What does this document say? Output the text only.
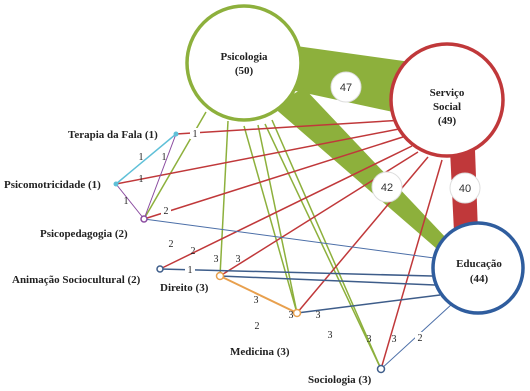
Psicologia
(50)
Serviço
Social
(49)
Educação
(44)
47
42	40
Terapia da Fala (1)
Psicomotricidade (1)
Psicopedagogia (2)
Animação Sociocultural (2)
Direito (3)
Medicina (3)
Sociologia (3)
1
1 1
1
1
2
2
2
1
3 3
3
2
3 3
3	3 3 2
